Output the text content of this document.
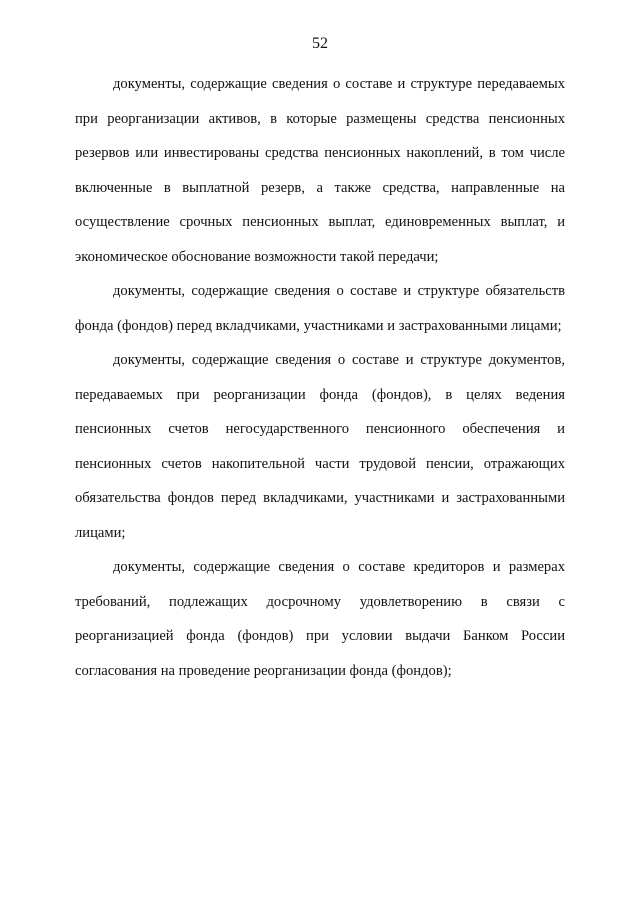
52

документы, содержащие сведения о составе и структуре передаваемых при реорганизации активов, в которые размещены средства пенсионных резервов или инвестированы средства пенсионных накоплений, в том числе включенные в выплатной резерв, а также средства, направленные на осуществление срочных пенсионных выплат, единовременных выплат, и экономическое обоснование возможности такой передачи;

документы, содержащие сведения о составе и структуре обязательств фонда (фондов) перед вкладчиками, участниками и застрахованными лицами;

документы, содержащие сведения о составе и структуре документов, передаваемых при реорганизации фонда (фондов), в целях ведения пенсионных счетов негосударственного пенсионного обеспечения и пенсионных счетов накопительной части трудовой пенсии, отражающих обязательства фондов перед вкладчиками, участниками и застрахованными лицами;

документы, содержащие сведения о составе кредиторов и размерах требований, подлежащих досрочному удовлетворению в связи с реорганизацией фонда (фондов) при условии выдачи Банком России согласования на проведение реорганизации фонда (фондов);
